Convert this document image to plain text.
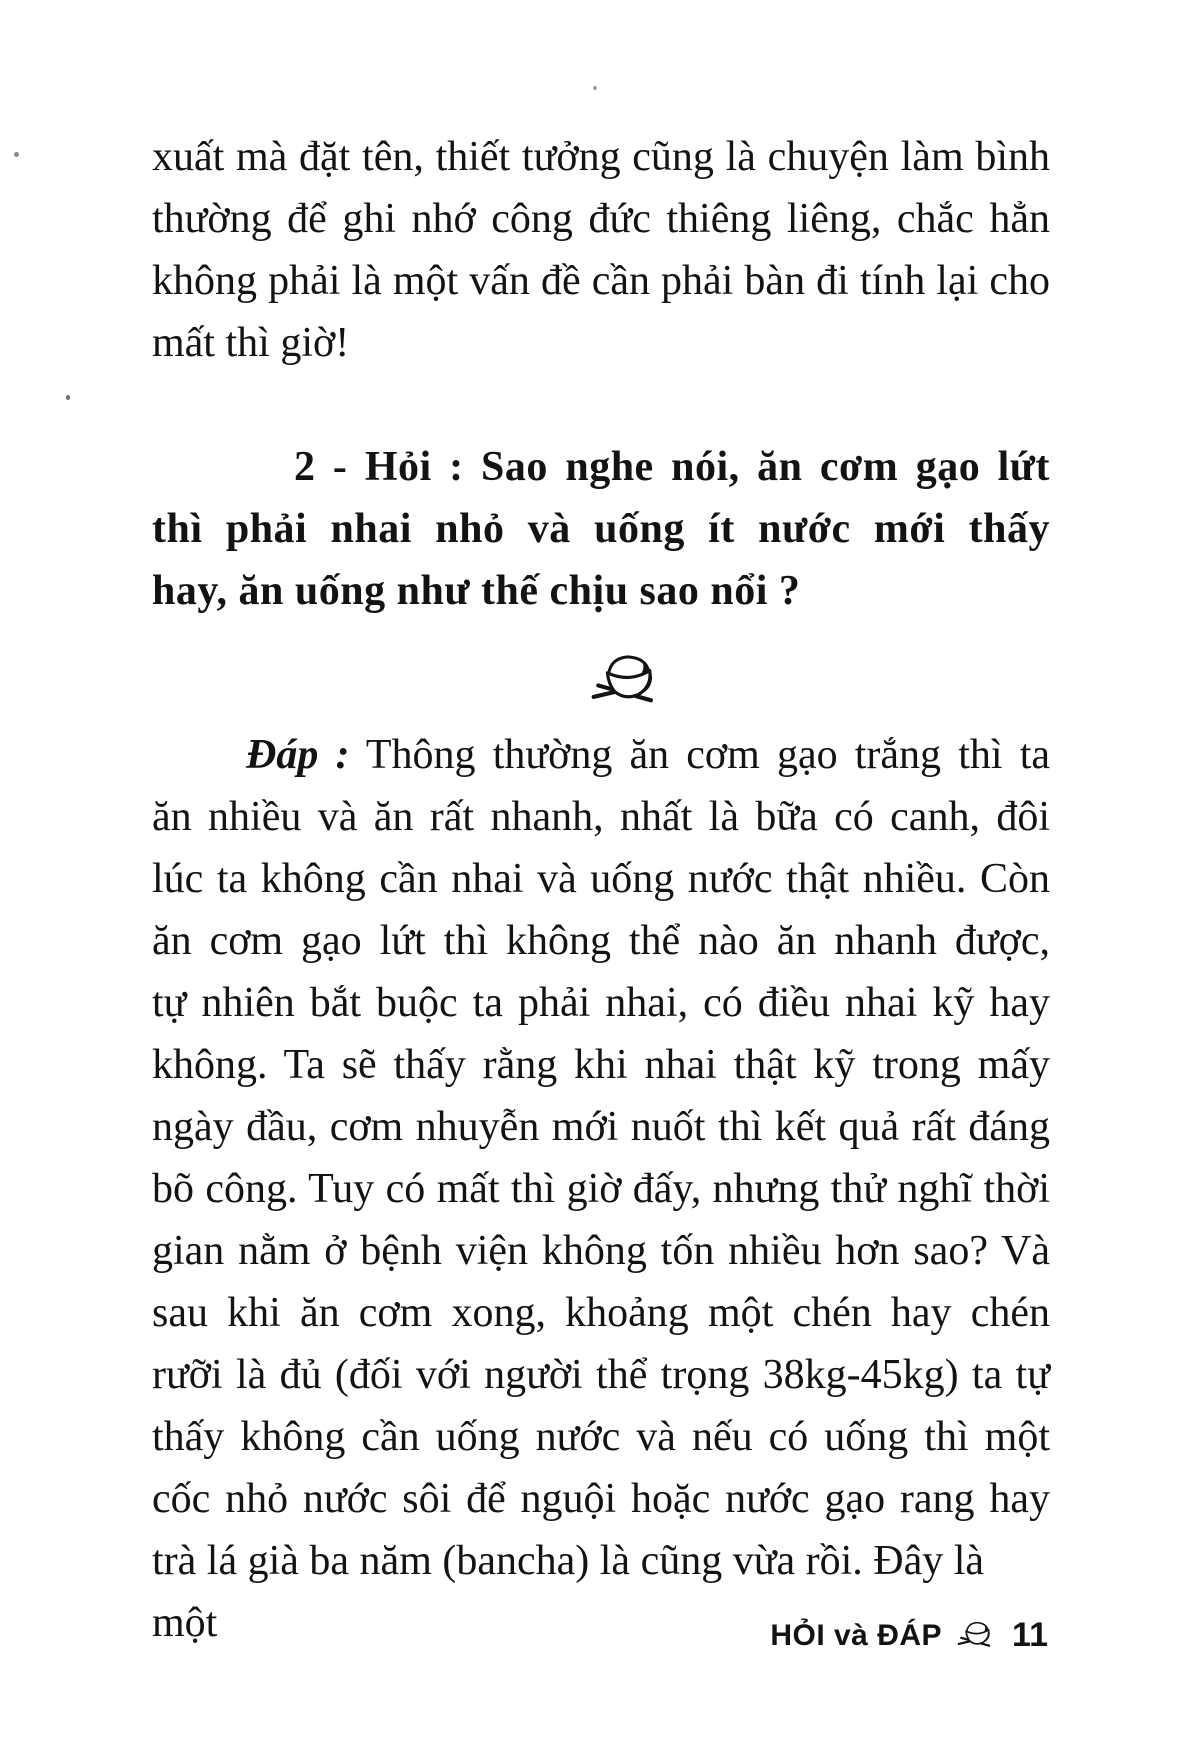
xuất mà đặt tên, thiết tưởng cũng là chuyện làm bình
thường để ghi nhớ công đức thiêng liêng, chắc hẳn
không phải là một vấn đề cần phải bàn đi tính lại cho
mất thì giờ!
2 - Hỏi : Sao nghe nói, ăn cơm gạo lứt
thì phải nhai nhỏ và uống ít nước mới thấy
hay, ăn uống như thế chịu sao nổi ?
Đáp : Thông thường ăn cơm gạo trắng thì ta
ăn nhiều và ăn rất nhanh, nhất là bữa có canh, đôi
lúc ta không cần nhai và uống nước thật nhiều. Còn
ăn cơm gạo lứt thì không thể nào ăn nhanh được,
tự nhiên bắt buộc ta phải nhai, có điều nhai kỹ hay
không. Ta sẽ thấy rằng khi nhai thật kỹ trong mấy
ngày đầu, cơm nhuyễn mới nuốt thì kết quả rất đáng
bõ công. Tuy có mất thì giờ đấy, nhưng thử nghĩ thời
gian nằm ở bệnh viện không tốn nhiều hơn sao? Và
sau khi ăn cơm xong, khoảng một chén hay chén
rưỡi là đủ (đối với người thể trọng 38kg-45kg) ta tự
thấy không cần uống nước và nếu có uống thì một
cốc nhỏ nước sôi để nguội hoặc nước gạo rang hay
trà lá già ba năm (bancha) là cũng vừa rồi. Đây là một	HỎI và ĐÁP 11
